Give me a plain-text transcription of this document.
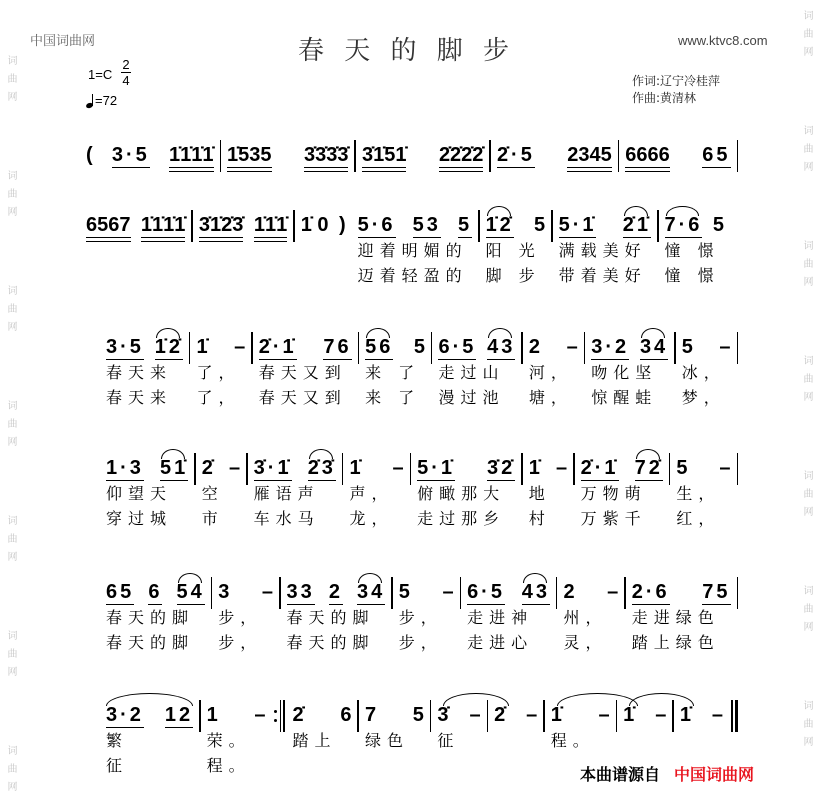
词曲网
词曲网
词曲网
词曲网
词曲网
词曲网
词曲网
词曲网
词曲网
词曲网
词曲网
词曲网
词曲网
词曲网
中国词曲网	春 天 的 脚 步	www.ktvc8.com
1=C
2
4
=72
作词:辽宁冷桂萍
作曲:黄清林
( 3·5 1̇1̇1̇1̇ 1̇535 3̇3̇3̇3̇ 3̇1̇51̇ 2̇2̇2̇2̇ 2̇·5 2345 6666 65
6567 1̇1̇1̇1̇ 3̇1̇2̇3̇ 1̇1̇1̇ 1̇ 0 ) 5·6 53 5
迎着明媚的
迈着轻盈的
1̇2̇ 5
阳 光
脚 步
5·1̇ 2̇1̇
满载美好
带着美好
7·6 5
憧 憬
憧 憬
3·5 1̇2̇
春天来
春天来
1̇ –
了，
了，
2̇·1̇ 76
春天又到
春天又到
56 5
来 了
来 了
6·5 43
走过山
漫过池
2 –
河，
塘，
3·2 34
吻化坚
惊醒蛙
5 –
冰，
梦，
1·3 51̇
仰望天
穿过城
2̇ –
空
市
3̇·1̇ 2̇3̇
雁语声
车水马
1̇ –
声，
龙，
5·1̇ 3̇2̇
俯瞰那大
走过那乡
1̇ –
地
村
2̇·1̇ 72̇
万物萌
万紫千
5 –
生，
红，
65 6 54
春天的脚
春天的脚
3 –
步，
步，
33 2 34
春天的脚
春天的脚
5 –
步，
步，
6·5 43
走进神
走进心
2 –
州，
灵，
2·6 75
走进绿色
踏上绿色
3·2 12
繁
征
1 –
荣。
程。
2̇ 6
踏上
7 5
绿色
3̇ –
征
2̇ – 1̇ –
程。
1̇ – 1̇ –
本曲谱源自 中国词曲网
